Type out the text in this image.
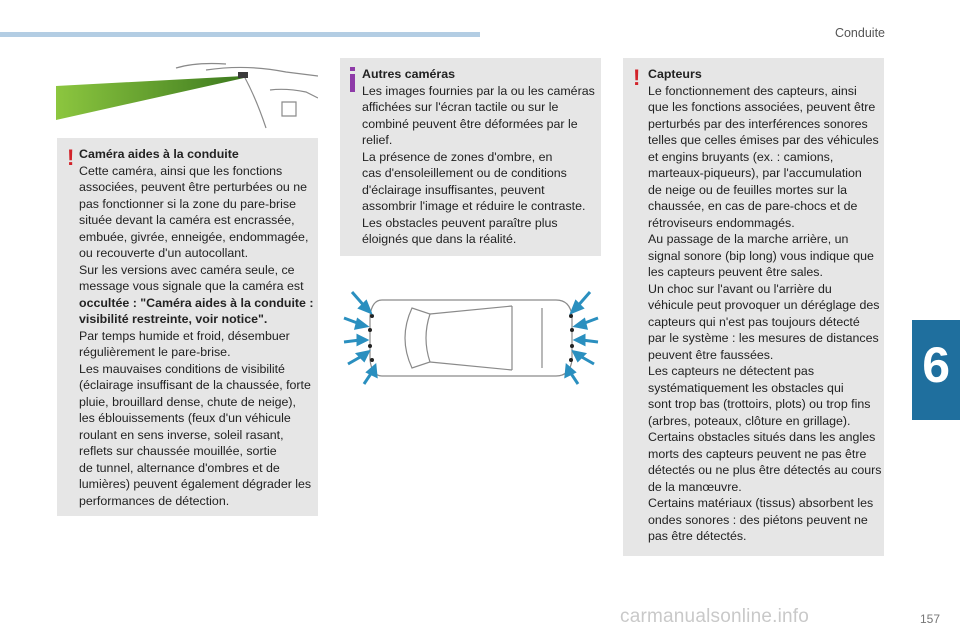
Conduite
6
! Caméra aides à la conduite

Cette caméra, ainsi que les fonctions

associées, peuvent être perturbées ou ne

pas fonctionner si la zone du pare-brise

située devant la caméra est encrassée,

embuée, givrée, enneigée, endommagée,

ou recouverte d'un autocollant.

Sur les versions avec caméra seule, ce

message vous signale que la caméra est

occultée : "Caméra aides à la conduite :

visibilité restreinte, voir notice".

Par temps humide et froid, désembuer

régulièrement le pare-brise.

Les mauvaises conditions de visibilité

(éclairage insuffisant de la chaussée, forte

pluie, brouillard dense, chute de neige),

les éblouissements (feux d'un véhicule

roulant en sens inverse, soleil rasant,

reflets sur chaussée mouillée, sortie

de tunnel, alternance d'ombres et de

lumières) peuvent également dégrader les

performances de détection.

Autres caméras

Les images fournies par la ou les caméras

affichées sur l'écran tactile ou sur le

combiné peuvent être déformées par le

relief.

La présence de zones d'ombre, en

cas d'ensoleillement ou de conditions

d'éclairage insuffisantes, peuvent

assombrir l'image et réduire le contraste.

Les obstacles peuvent paraître plus

éloignés que dans la réalité.

! Capteurs

Le fonctionnement des capteurs, ainsi

que les fonctions associées, peuvent être

perturbés par des interférences sonores

telles que celles émises par des véhicules

et engins bruyants (ex. : camions,

marteaux-piqueurs), par l'accumulation

de neige ou de feuilles mortes sur la

chaussée, en cas de pare-chocs et de

rétroviseurs endommagés.

Au passage de la marche arrière, un

signal sonore (bip long) vous indique que

les capteurs peuvent être sales.

Un choc sur l'avant ou l'arrière du

véhicule peut provoquer un déréglage des

capteurs qui n'est pas toujours détecté

par le système : les mesures de distances

peuvent être faussées.

Les capteurs ne détectent pas

systématiquement les obstacles qui

sont trop bas (trottoirs, plots) ou trop fins

(arbres, poteaux, clôture en grillage).

Certains obstacles situés dans les angles

morts des capteurs peuvent ne pas être

détectés ou ne plus être détectés au cours

de la manœuvre.

Certains matériaux (tissus) absorbent les

ondes sonores : des piétons peuvent ne

pas être détectés.

157
carmanualsonline.info
